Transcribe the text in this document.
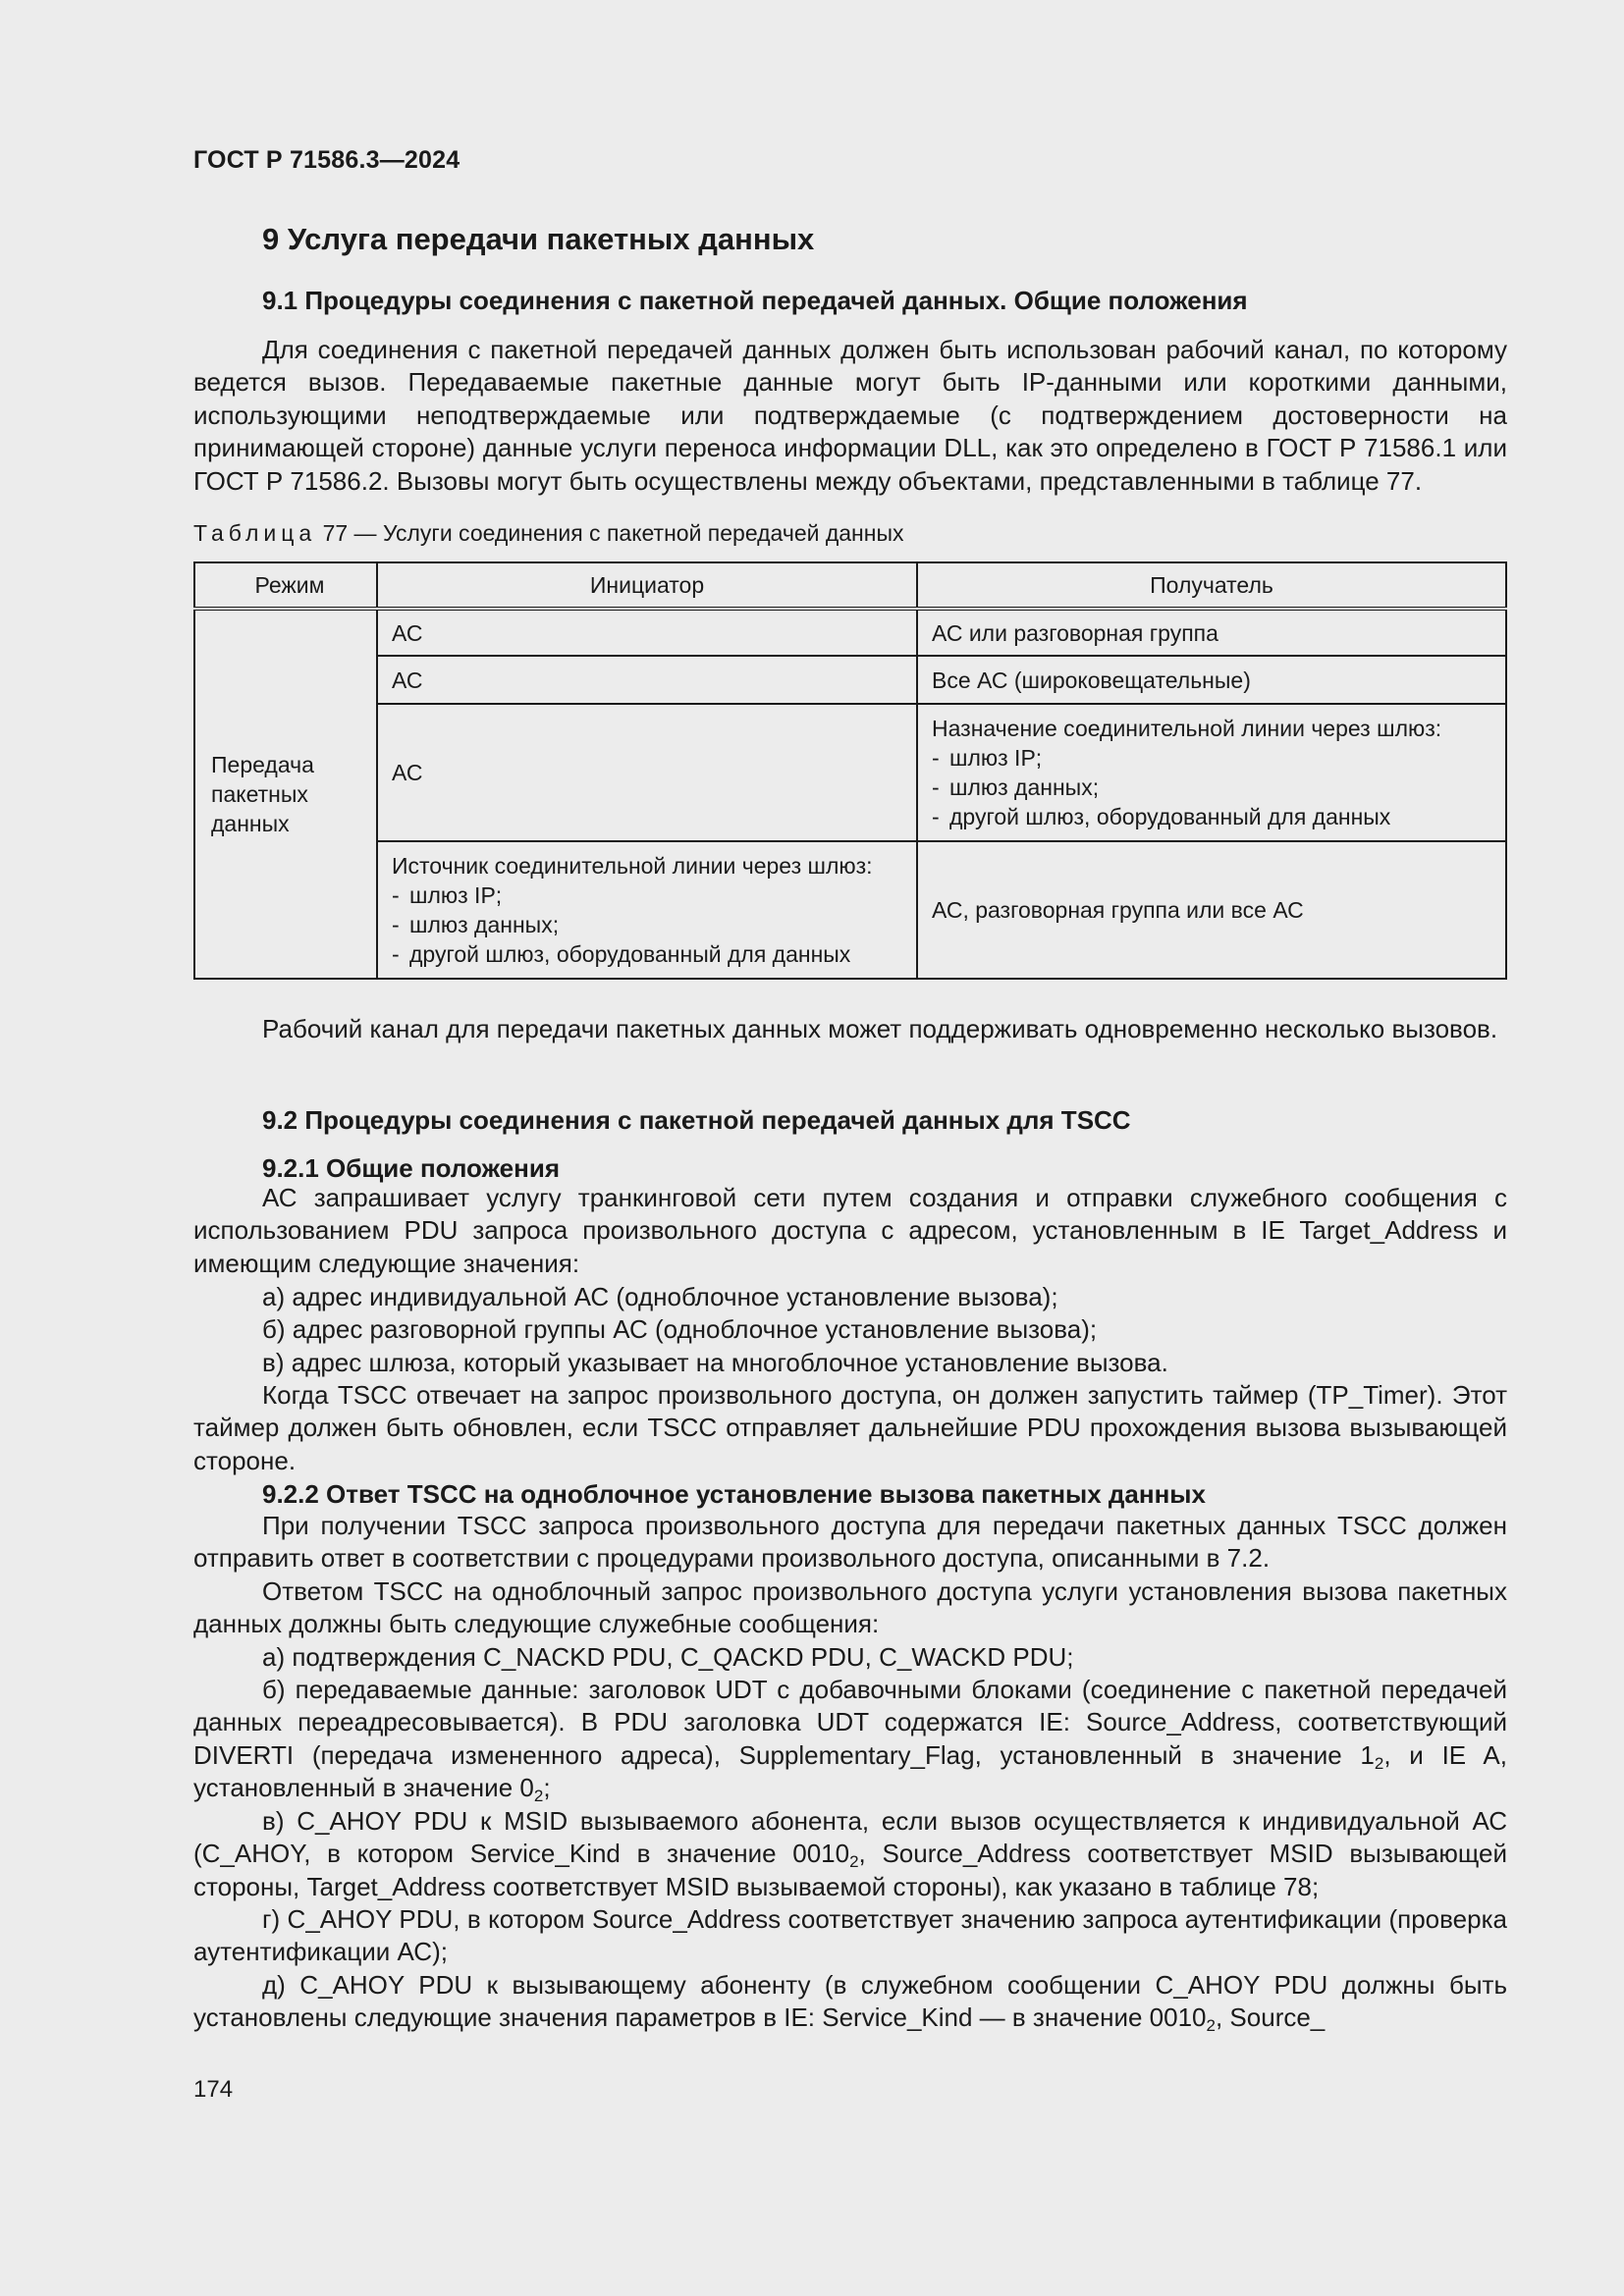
ГОСТ Р 71586.3—2024
9 Услуга передачи пакетных данных
9.1 Процедуры соединения с пакетной передачей данных. Общие положения

Для соединения с пакетной передачей данных должен быть использован рабочий канал, по которому ведется вызов. Передаваемые пакетные данные могут быть IP-данными или короткими данными, использующими неподтверждаемые или подтверждаемые (с подтверждением достоверности на принимающей стороне) данные услуги переноса информации DLL, как это определено в ГОСТ Р 71586.1 или ГОСТ Р 71586.2. Вызовы могут быть осуществлены между объектами, представленными в таблице 77.

Таблица 77 — Услуги соединения с пакетной передачей данных
Режим	Инициатор	Получатель
Передача пакетных данных	АС	АС или разговорная группа
	АС	Все АС (широковещательные)
	АС	Назначение соединительной линии через шлюз:
- шлюз IP;
- шлюз данных;
- другой шлюз, оборудованный для данных

	Источник соединительной линии через шлюз:
- шлюз IP;
- шлюз данных;
- другой шлюз, оборудованный для данных	АС, разговорная группа или все АС

Рабочий канал для передачи пакетных данных может поддерживать одновременно несколько вызовов.

9.2 Процедуры соединения с пакетной передачей данных для TSCC
9.2.1 Общие положения

АС запрашивает услугу транкинговой сети путем создания и отправки служебного сообщения с использованием PDU запроса произвольного доступа с адресом, установленным в IE Target_Address и имеющим следующие значения:

а) адрес индивидуальной АС (одноблочное установление вызова);
б) адрес разговорной группы АС (одноблочное установление вызова);
в) адрес шлюза, который указывает на многоблочное установление вызова.

Когда TSCC отвечает на запрос произвольного доступа, он должен запустить таймер (TP_Timer). Этот таймер должен быть обновлен, если TSCC отправляет дальнейшие PDU прохождения вызова вызывающей стороне.

9.2.2 Ответ TSCC на одноблочное установление вызова пакетных данных

При получении TSCC запроса произвольного доступа для передачи пакетных данных TSCC должен отправить ответ в соответствии с процедурами произвольного доступа, описанными в 7.2.

Ответом TSCC на одноблочный запрос произвольного доступа услуги установления вызова пакетных данных должны быть следующие служебные сообщения:

а) подтверждения C_NACKD PDU, C_QACKD PDU, C_WACKD PDU;

б) передаваемые данные: заголовок UDT с добавочными блоками (соединение с пакетной передачей данных переадресовывается). В PDU заголовка UDT содержатся IE: Source_Address, соответствующий DIVERTI (передача измененного адреса), Supplementary_Flag, установленный в значение $1_2$, и IE A, установленный в значение $0_2$;

в) C_AHOY PDU к MSID вызываемого абонента, если вызов осуществляется к индивидуальной АС (C_AHOY, в котором Service_Kind в значение $0010_2$, Source_Address соответствует MSID вызывающей стороны, Target_Address соответствует MSID вызываемой стороны), как указано в таблице 78;

г) C_AHOY PDU, в котором Source_Address соответствует значению запроса аутентификации (проверка аутентификации АС);

д) C_AHOY PDU к вызывающему абоненту (в служебном сообщении C_AHOY PDU должны быть установлены следующие значения параметров в IE: Service_Kind — в значение $0010_2$, Source_

174
